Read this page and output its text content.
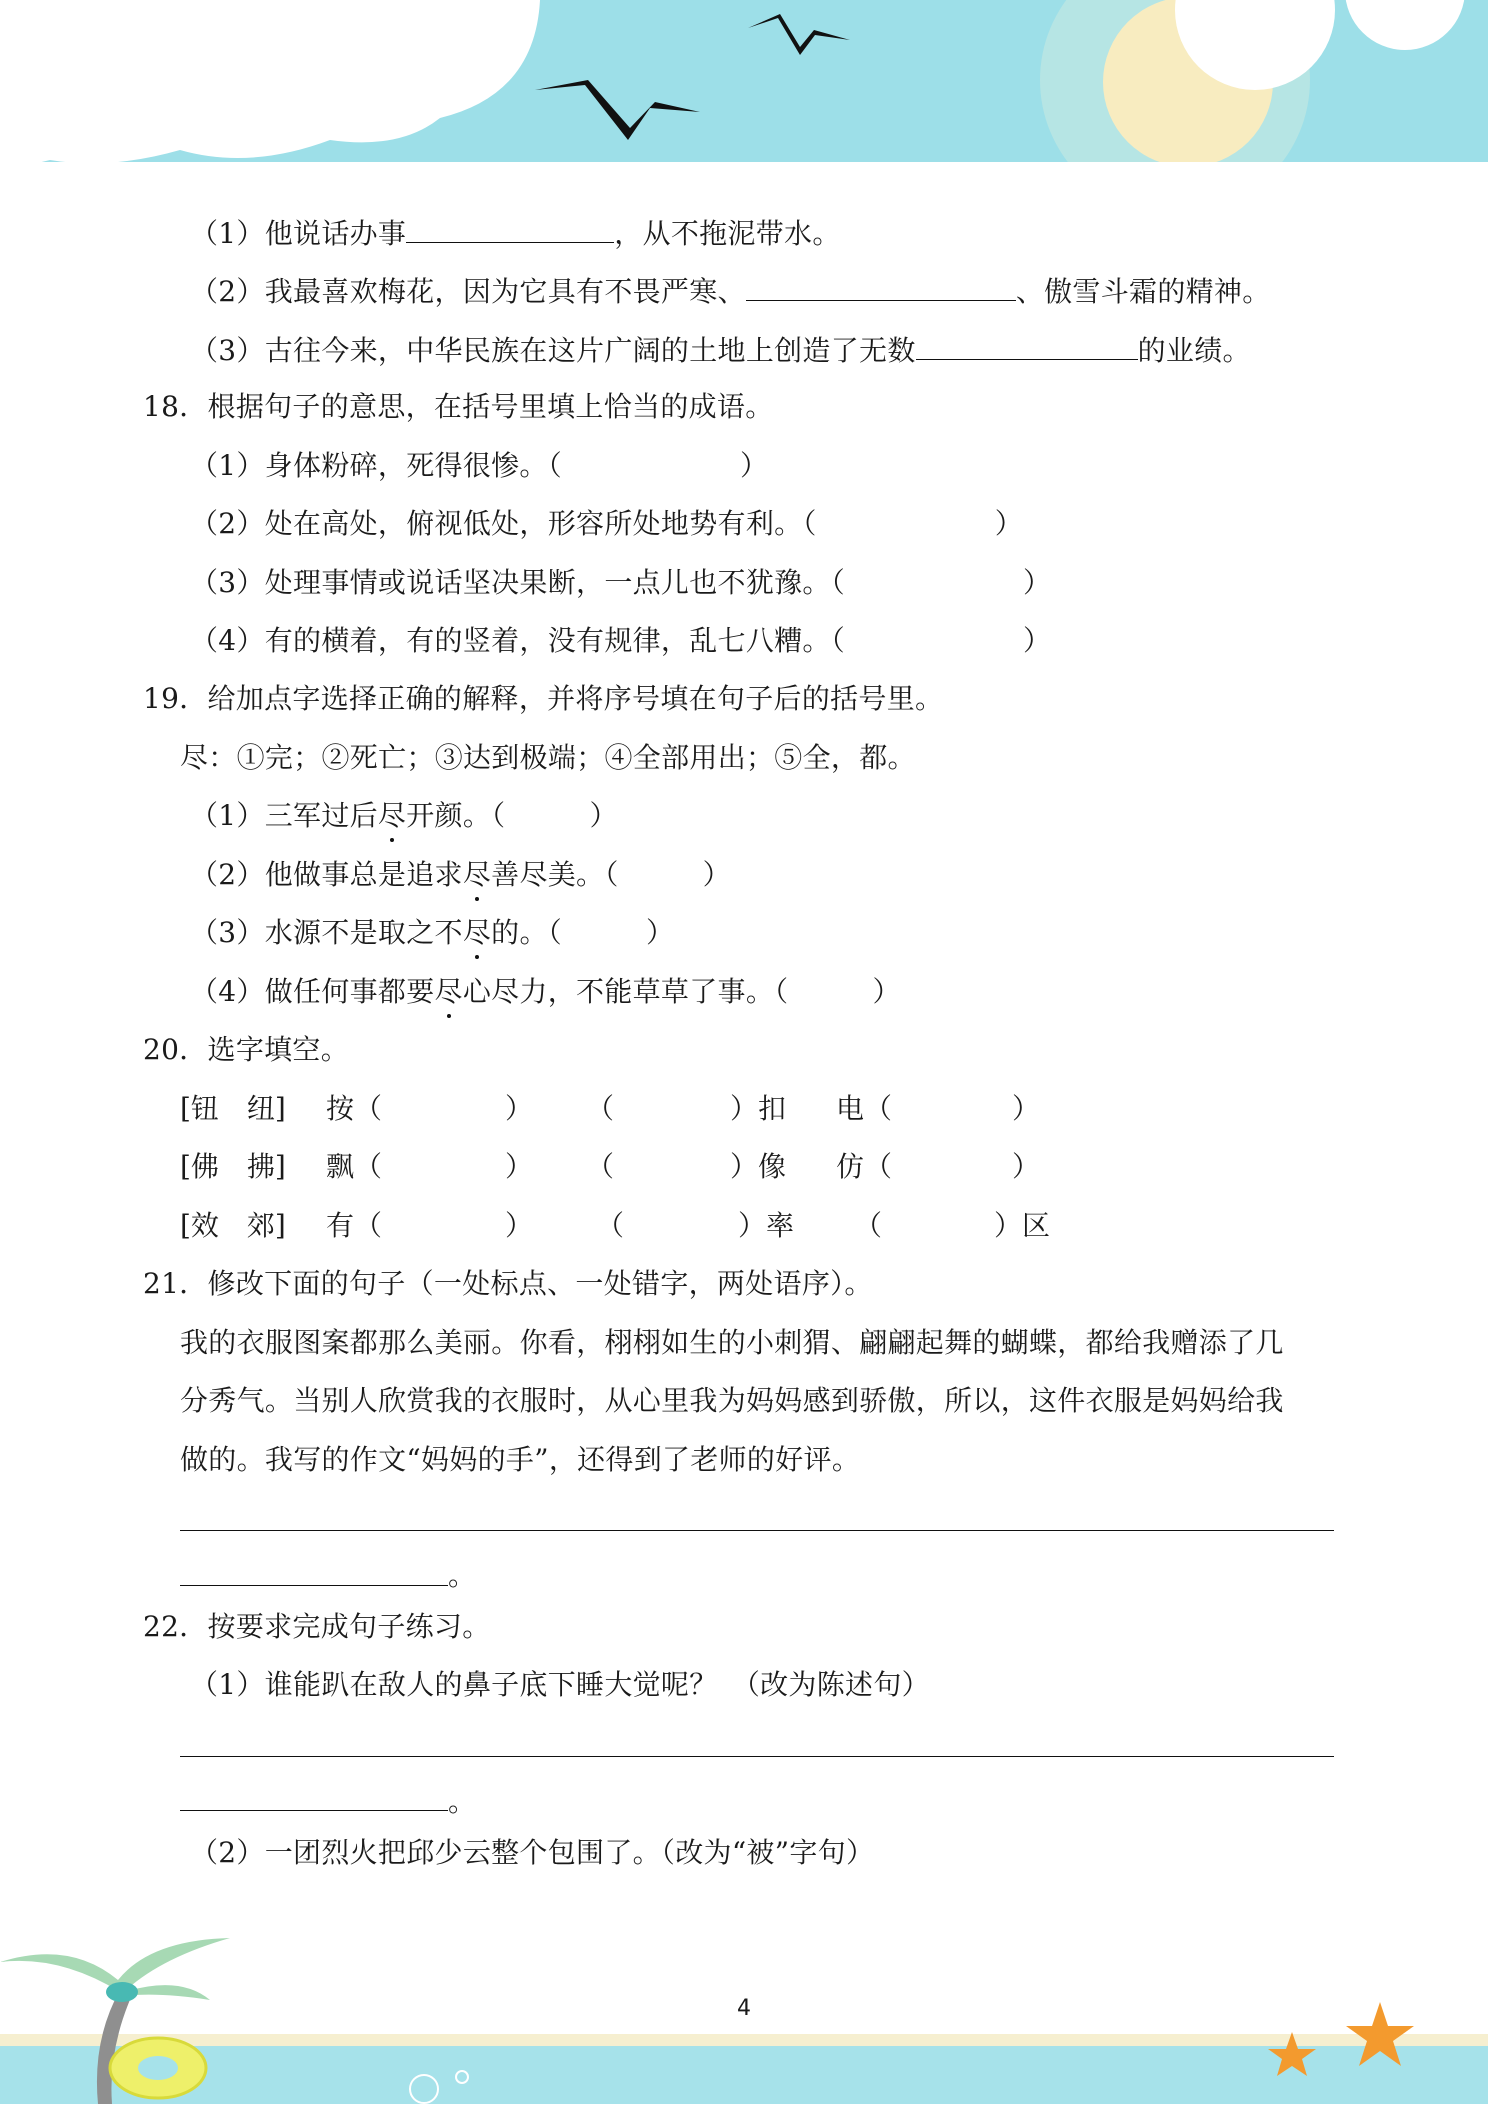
（1）他说话办事	，从不拖泥带水。
（2）我最喜欢梅花，因为它具有不畏严寒、	、傲雪斗霜的精神。
（3）古往今来，中华民族在这片广阔的土地上创造了无数	的业绩。
18．根据句子的意思，在括号里填上恰当的成语。
（1）身体粉碎，死得很惨。（	）
（2）处在高处，俯视低处，形容所处地势有利。（	）
（3）处理事情或说话坚决果断，一点儿也不犹豫。（	）
（4）有的横着，有的竖着，没有规律，乱七八糟。（	）
19．给加点字选择正确的解释，并将序号填在句子后的括号里。
尽：①完；②死亡；③达到极端；④全部用出；⑤全，都。
（1）三军过后尽开颜。（	）
（2）他做事总是追求尽善尽美。（	）
（3）水源不是取之不尽的。（	）
（4）做任何事都要尽心尽力，不能草草了事。（	）
20．选字填空。
[钮　纽] 按（	） （	）扣 电（	）
[佛　拂] 飘（	） （	）像 仿（	）
[效　郊] 有（	） （	）率 （	）区
21．修改下面的句子（一处标点、一处错字，两处语序）。
我的衣服图案都那么美丽。你看，栩栩如生的小刺猬、翩翩起舞的蝴蝶，都给我赠添了几
分秀气。当别人欣赏我的衣服时，从心里我为妈妈感到骄傲，所以，这件衣服是妈妈给我
做的。我写的作文“妈妈的手”，还得到了老师的好评。
。
22．按要求完成句子练习。
（1）谁能趴在敌人的鼻子底下睡大觉呢？　（改为陈述句）
。
（2）一团烈火把邱少云整个包围了。（改为“被”字句）
4
